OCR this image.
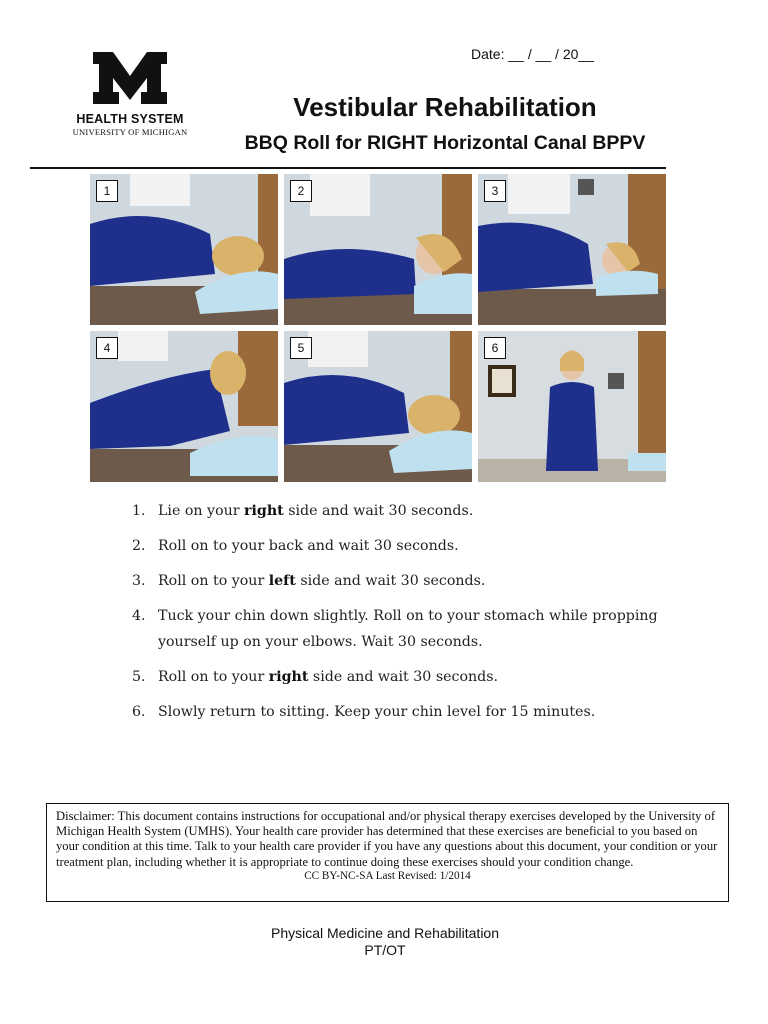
HEALTH SYSTEM
UNIVERSITY OF MICHIGAN
Date: __ / __ / 20__
Vestibular Rehabilitation
BBQ Roll for RIGHT Horizontal Canal BPPV
1	2	3
4	5	6
1. Lie on your right side and wait 30 seconds.
2. Roll on to your back and wait 30 seconds.
3. Roll on to your left side and wait 30 seconds.
4. Tuck your chin down slightly. Roll on to your stomach while propping yourself up on your elbows. Wait 30 seconds.
5. Roll on to your right side and wait 30 seconds.
6. Slowly return to sitting. Keep your chin level for 15 minutes.
Disclaimer: This document contains instructions for occupational and/or physical therapy exercises developed by the University of Michigan Health System (UMHS). Your health care provider has determined that these exercises are beneficial to you based on your condition at this time. Talk to your health care provider if you have any questions about this document, your condition or your treatment plan, including whether it is appropriate to continue doing these exercises should your condition change.
CC BY-NC-SA Last Revised: 1/2014
Physical Medicine and Rehabilitation
PT/OT
